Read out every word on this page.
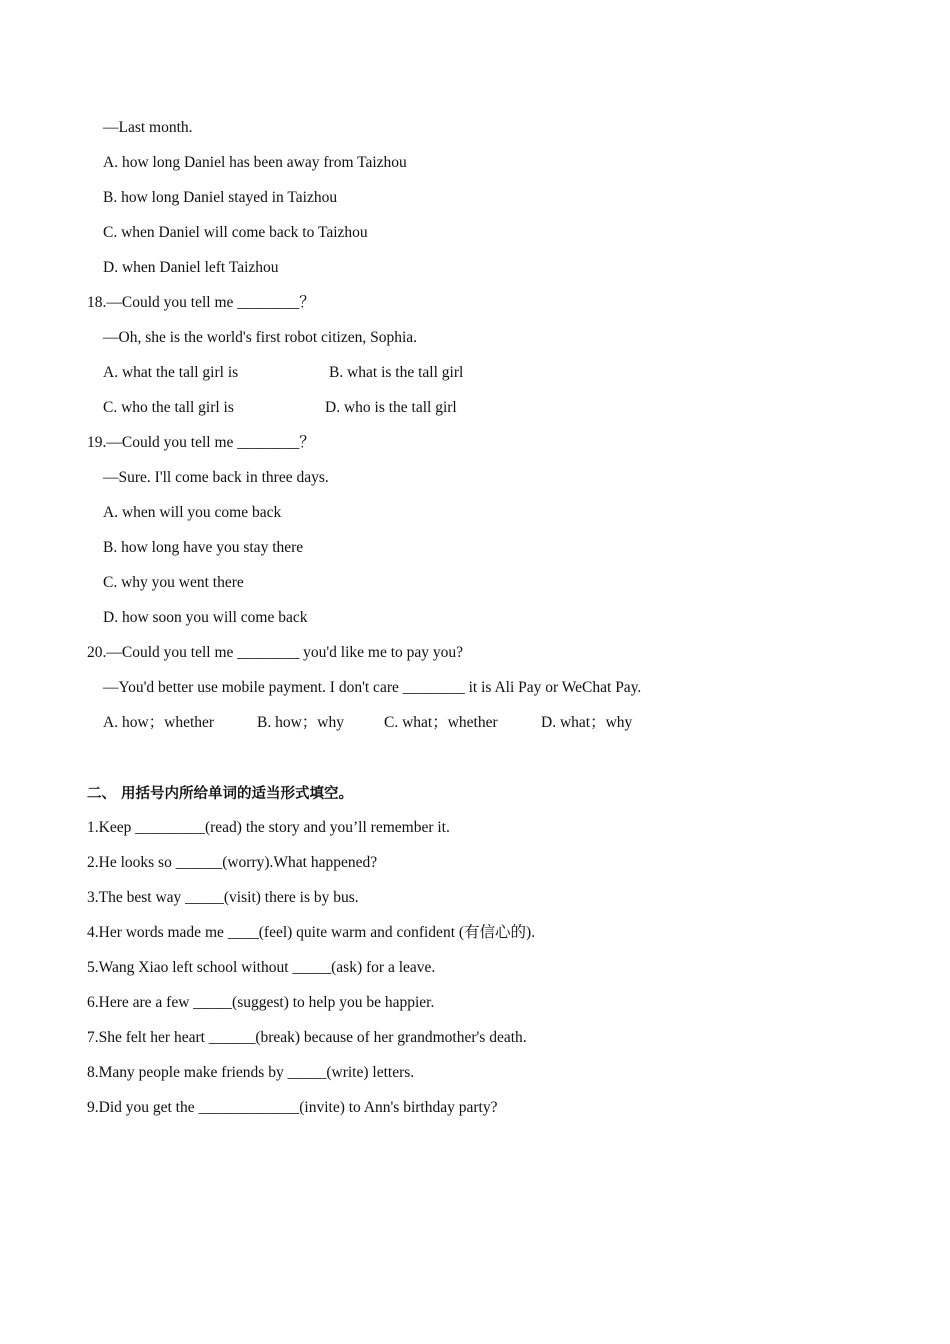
—Last month.
A. how long Daniel has been away from Taizhou
B. how long Daniel stayed in Taizhou
C. when Daniel will come back to Taizhou
D. when Daniel left Taizhou
18.—Could you tell me ________？
—Oh, she is the world's first robot citizen, Sophia.
A. what the tall girl is	B. what is the tall girl
C. who the tall girl is	D. who is the tall girl
19.—Could you tell me ________？
—Sure. I'll come back in three days.
A. when will you come back
B. how long have you stay there
C. why you went there
D. how soon you will come back
20.—Could you tell me ________ you'd like me to pay you?
—You'd better use mobile payment. I don't care ________ it is Ali Pay or WeChat Pay.
A. how；whether	B. how；why	C. what；whether	D. what；why
二、 用括号内所给单词的适当形式填空。
1.Keep _________(read) the story and you’ll remember it.
2.He looks so ______(worry).What happened?
3.The best way _____(visit) there is by bus.
4.Her words made me ____(feel) quite warm and confident (有信心的).
5.Wang Xiao left school without _____(ask) for a leave.
6.Here are a few _____(suggest) to help you be happier.
7.She felt her heart ______(break) because of her grandmother's death.
8.Many people make friends by _____(write) letters.
9.Did you get the _____________(invite) to Ann's birthday party?
